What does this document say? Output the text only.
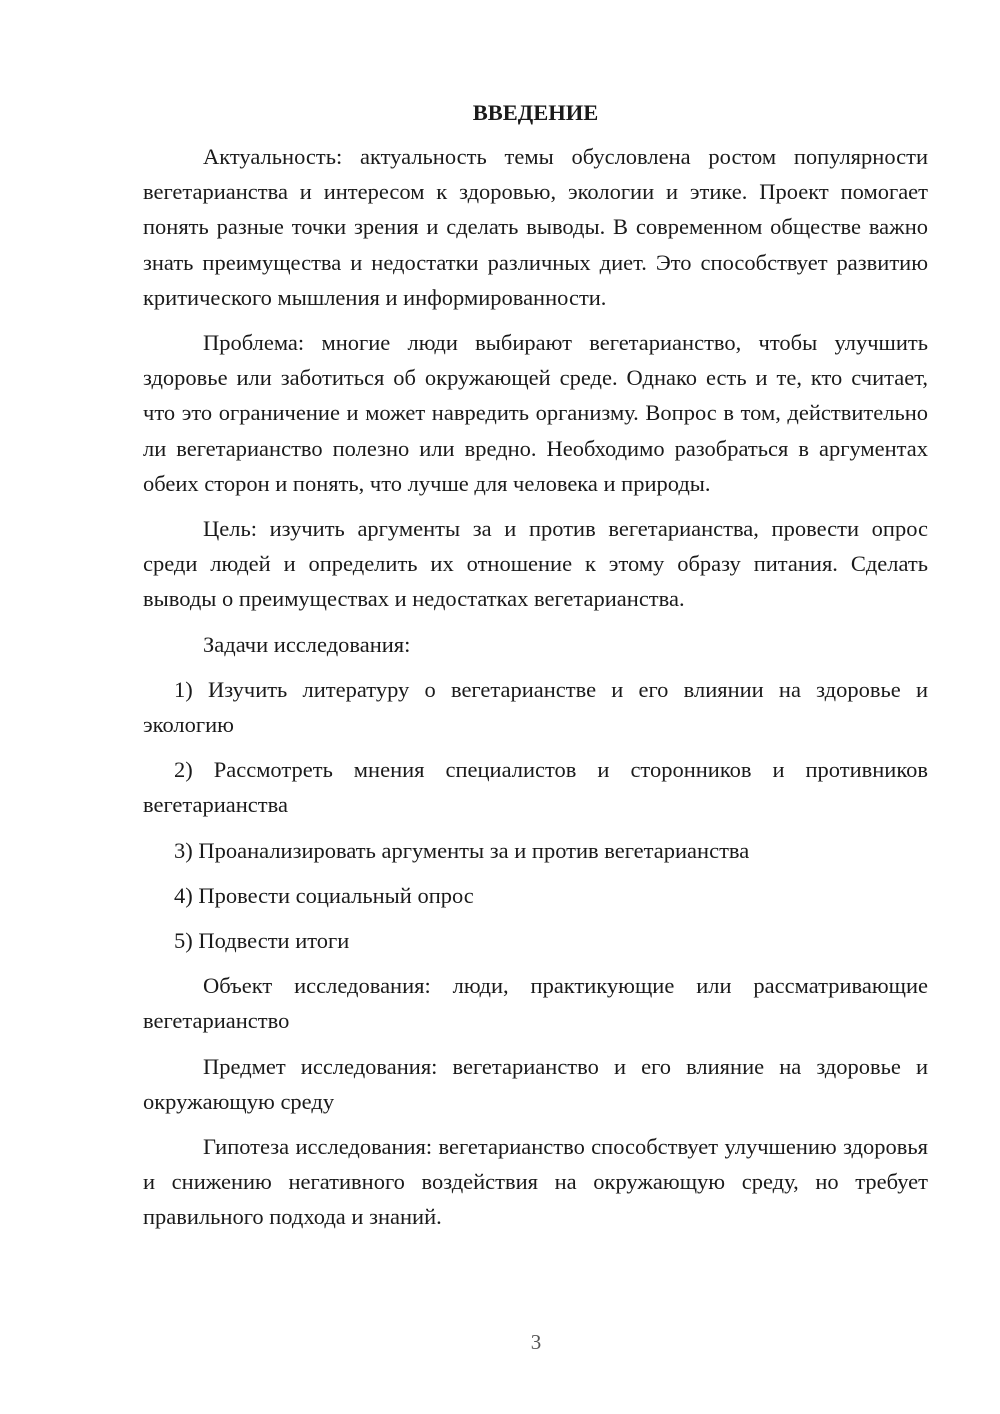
ВВЕДЕНИЕ

Актуальность: актуальность темы обусловлена ростом популярности вегетарианства и интересом к здоровью, экологии и этике. Проект помогает понять разные точки зрения и сделать выводы. В современном обществе важно знать преимущества и недостатки различных диет. Это способствует развитию критического мышления и информированности.

Проблема: многие люди выбирают вегетарианство, чтобы улучшить здоровье или заботиться об окружающей среде. Однако есть и те, кто считает, что это ограничение и может навредить организму. Вопрос в том, действительно ли вегетарианство полезно или вредно. Необходимо разобраться в аргументах обеих сторон и понять, что лучше для человека и природы.

Цель: изучить аргументы за и против вегетарианства, провести опрос среди людей и определить их отношение к этому образу питания. Сделать выводы о преимуществах и недостатках вегетарианства.

Задачи исследования:

1) Изучить литературу о вегетарианстве и его влиянии на здоровье и экологию

2) Рассмотреть мнения специалистов и сторонников и противников вегетарианства

3) Проанализировать аргументы за и против вегетарианства

4) Провести социальный опрос

5) Подвести итоги

Объект исследования: люди, практикующие или рассматривающие вегетарианство

Предмет исследования: вегетарианство и его влияние на здоровье и окружающую среду

Гипотеза исследования: вегетарианство способствует улучшению здоровья и снижению негативного воздействия на окружающую среду, но требует правильного подхода и знаний.

3
